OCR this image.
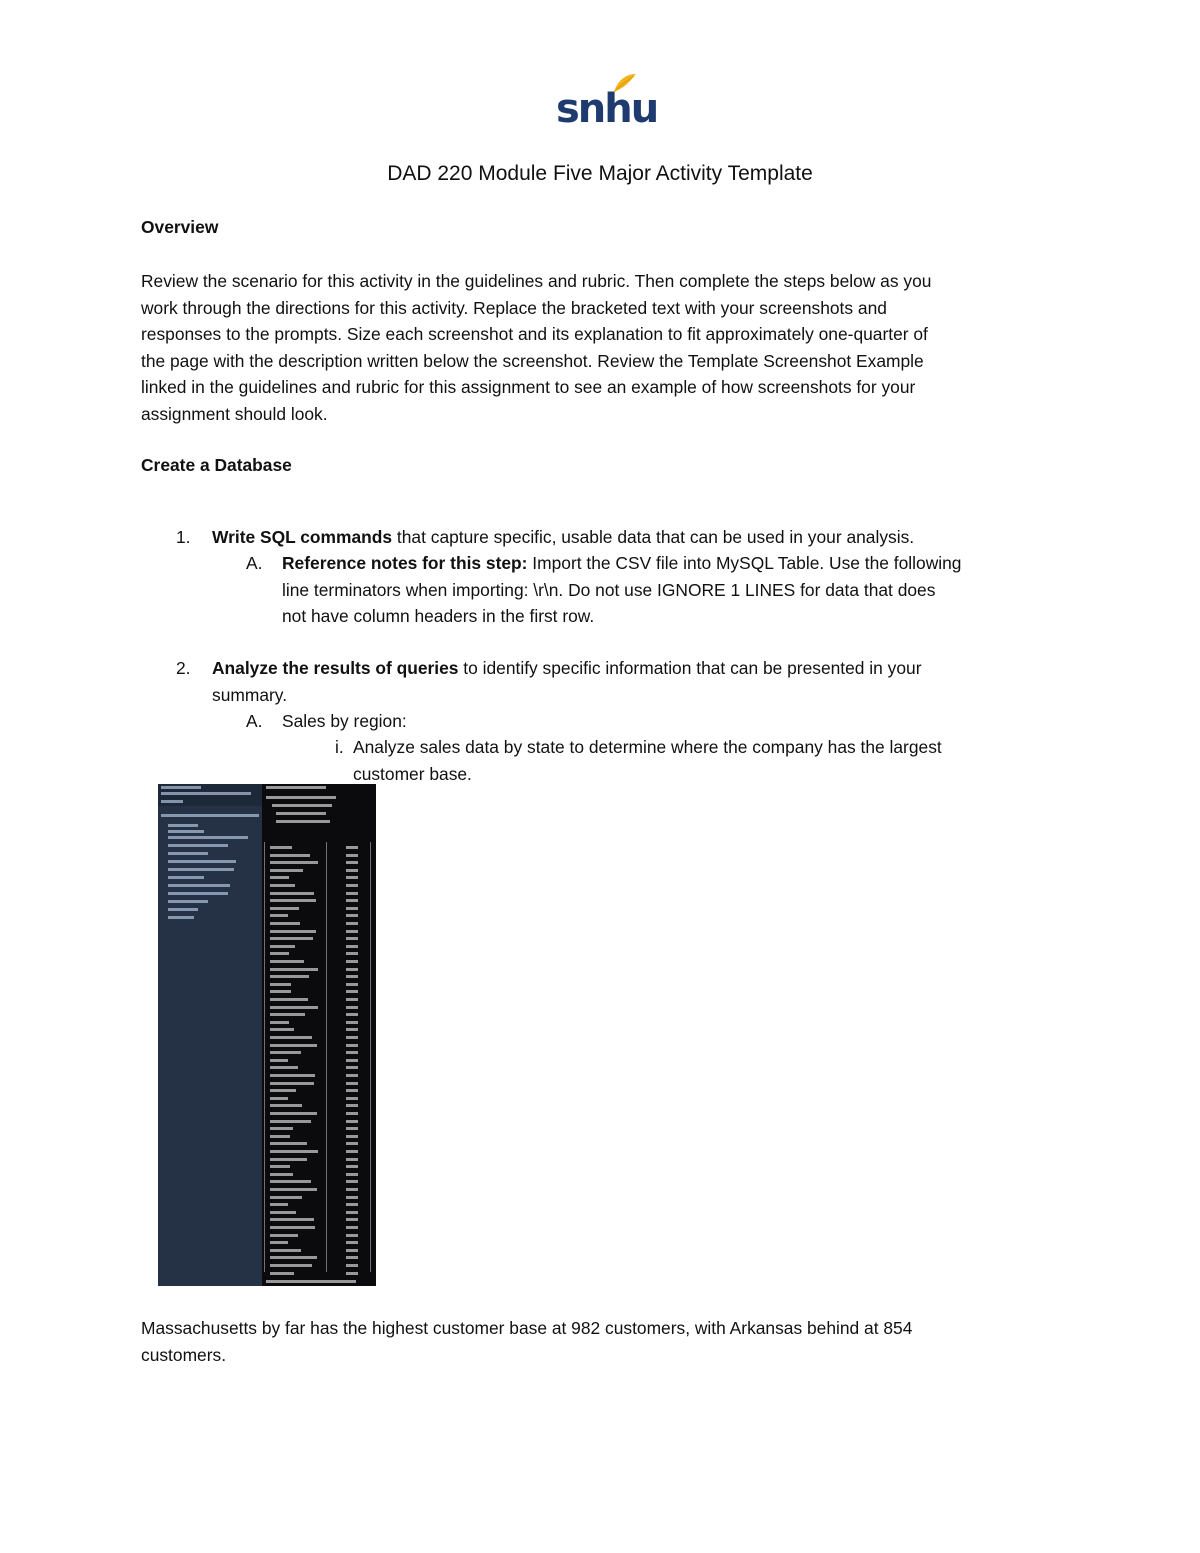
snhu
DAD 220 Module Five Major Activity Template
Overview
Review the scenario for this activity in the guidelines and rubric. Then complete the steps below as you
work through the directions for this activity. Replace the bracketed text with your screenshots and
responses to the prompts. Size each screenshot and its explanation to fit approximately one-quarter of
the page with the description written below the screenshot. Review the Template Screenshot Example
linked in the guidelines and rubric for this assignment to see an example of how screenshots for your
assignment should look.
Create a Database
1. Write SQL commands that capture specific, usable data that can be used in your analysis.
A. Reference notes for this step: Import the CSV file into MySQL Table. Use the following
line terminators when importing: \r\n. Do not use IGNORE 1 LINES for data that does
not have column headers in the first row.
2. Analyze the results of queries to identify specific information that can be presented in your
summary.
A. Sales by region:
i. Analyze sales data by state to determine where the company has the largest
customer base.
Massachusetts by far has the highest customer base at 982 customers, with Arkansas behind at 854
customers.
